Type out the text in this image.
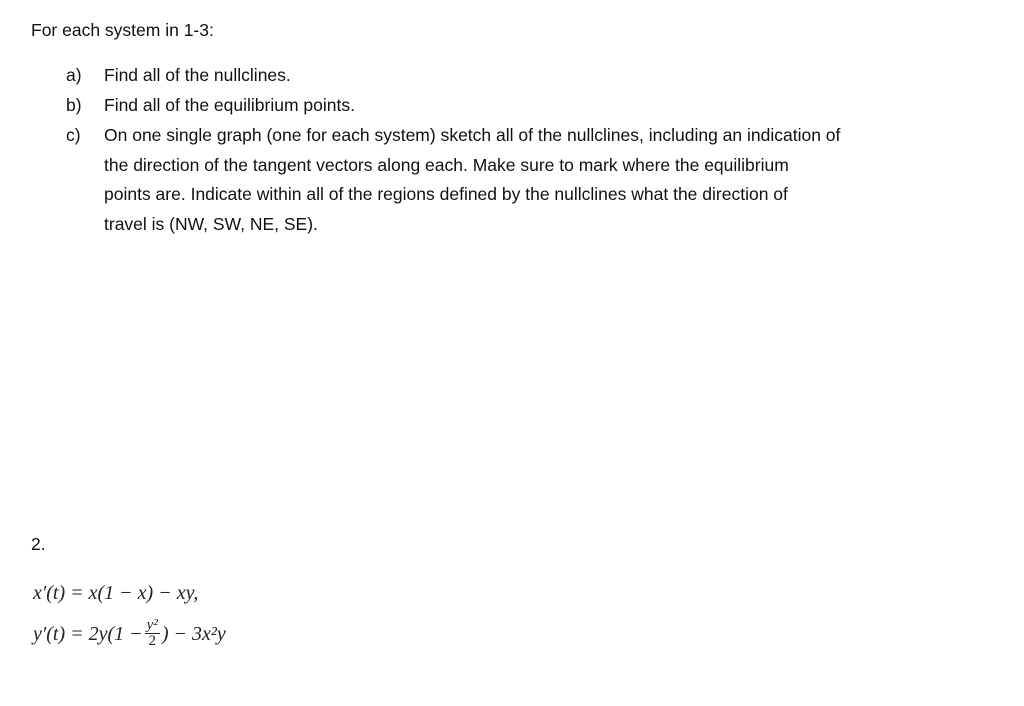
For each system in 1-3:
a) Find all of the nullclines.
b) Find all of the equilibrium points.
c) On one single graph (one for each system) sketch all of the nullclines, including an indication of
the direction of the tangent vectors along each. Make sure to mark where the equilibrium
points are. Indicate within all of the regions defined by the nullclines what the direction of
travel is (NW, SW, NE, SE).
2.
x′(t) = x(1 − x) − xy,
$y'(t) = 2y(1 - \frac{\text{y²}}{2}$ ) − 3x²y
